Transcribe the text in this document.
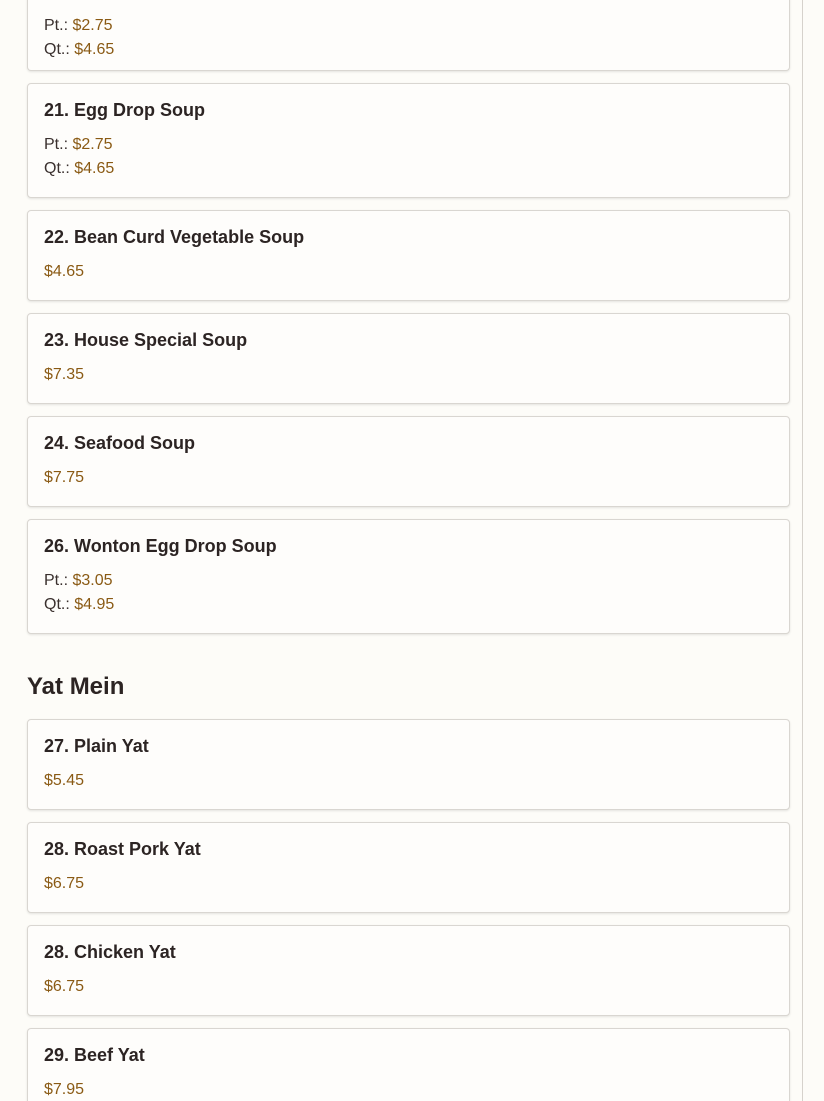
Pt.: $2.75
Qt.: $4.65
21. Egg Drop Soup
Pt.: $2.75
Qt.: $4.65
22. Bean Curd Vegetable Soup
$4.65
23. House Special Soup
$7.35
24. Seafood Soup
$7.75
26. Wonton Egg Drop Soup
Pt.: $3.05
Qt.: $4.95
Yat Mein
27. Plain Yat
$5.45
28. Roast Pork Yat
$6.75
28. Chicken Yat
$6.75
29. Beef Yat
$7.95
